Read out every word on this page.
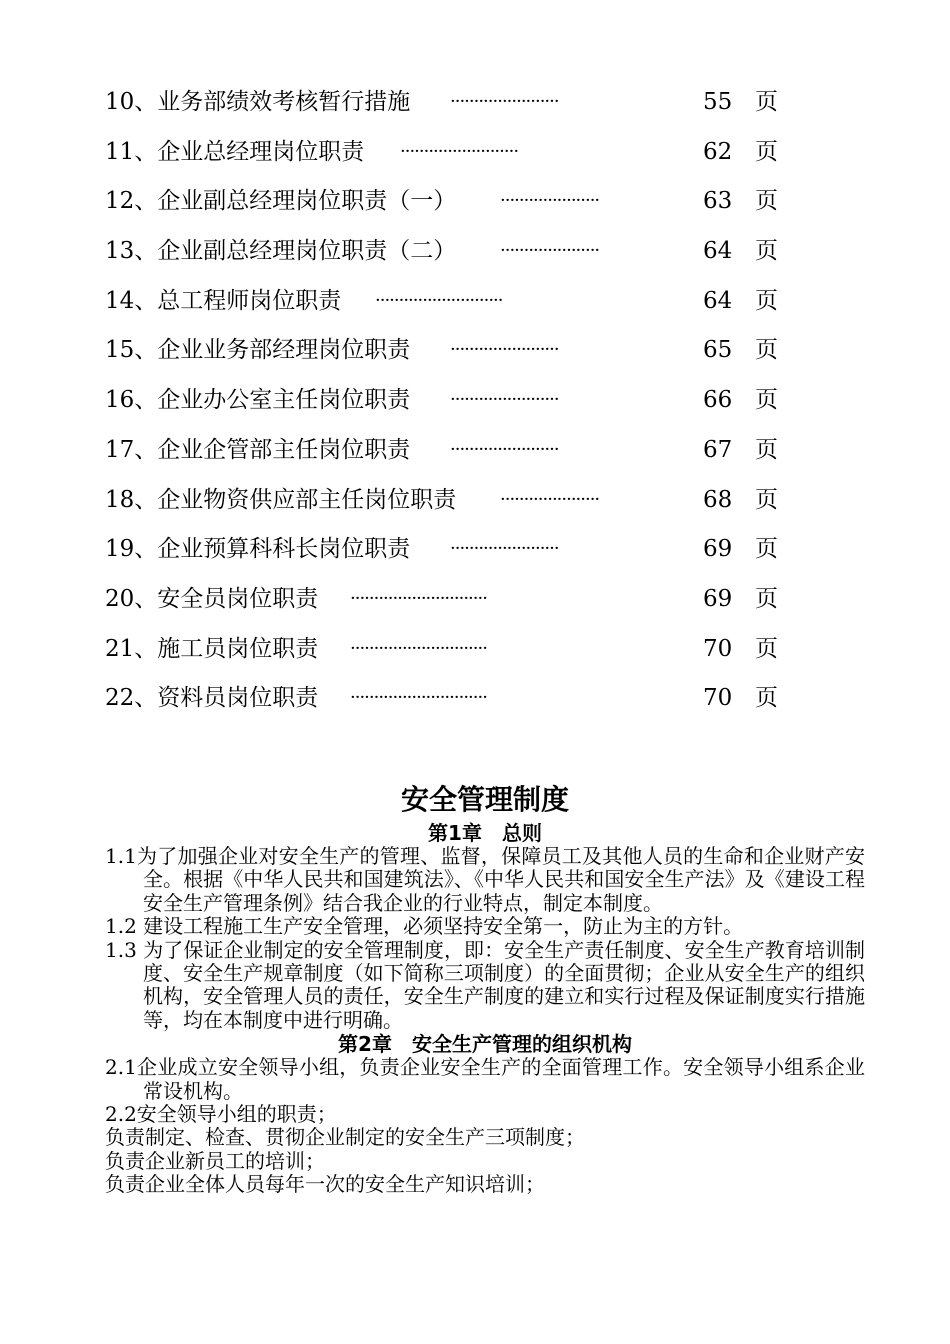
10、业务部绩效考核暂行措施 ·······················	55 页
11、企业总经理岗位职责 ·························	62 页
12、企业副总经理岗位职责（一） ·····················	63 页
13、企业副总经理岗位职责（二） ·····················	64 页
14、总工程师岗位职责 ···························	64 页
15、企业业务部经理岗位职责 ·······················	65 页
16、企业办公室主任岗位职责 ·······················	66 页
17、企业企管部主任岗位职责 ·······················	67 页
18、企业物资供应部主任岗位职责 ·····················	68 页
19、企业预算科科长岗位职责 ·······················	69 页
20、安全员岗位职责 ·····························	69 页
21、施工员岗位职责 ·····························	70 页
22、资料员岗位职责 ·····························	70 页
安全管理制度
第1章　总则

1.1为了加强企业对安全生产的管理、监督，保障员工及其他人员的生命和企业财产安全。根据《中华人民共和国建筑法》、《中华人民共和国安全生产法》及《建设工程安全生产管理条例》结合我企业的行业特点，制定本制度。

1.2 建设工程施工生产安全管理，必须坚持安全第一，防止为主的方针。

1.3 为了保证企业制定的安全管理制度，即：安全生产责任制度、安全生产教育培训制度、安全生产规章制度（如下简称三项制度）的全面贯彻；企业从安全生产的组织机构，安全管理人员的责任，安全生产制度的建立和实行过程及保证制度实行措施等，均在本制度中进行明确。

第2章　安全生产管理的组织机构

2.1企业成立安全领导小组，负责企业安全生产的全面管理工作。安全领导小组系企业常设机构。

2.2安全领导小组的职责；

负责制定、检查、贯彻企业制定的安全生产三项制度；

负责企业新员工的培训；

负责企业全体人员每年一次的安全生产知识培训；
